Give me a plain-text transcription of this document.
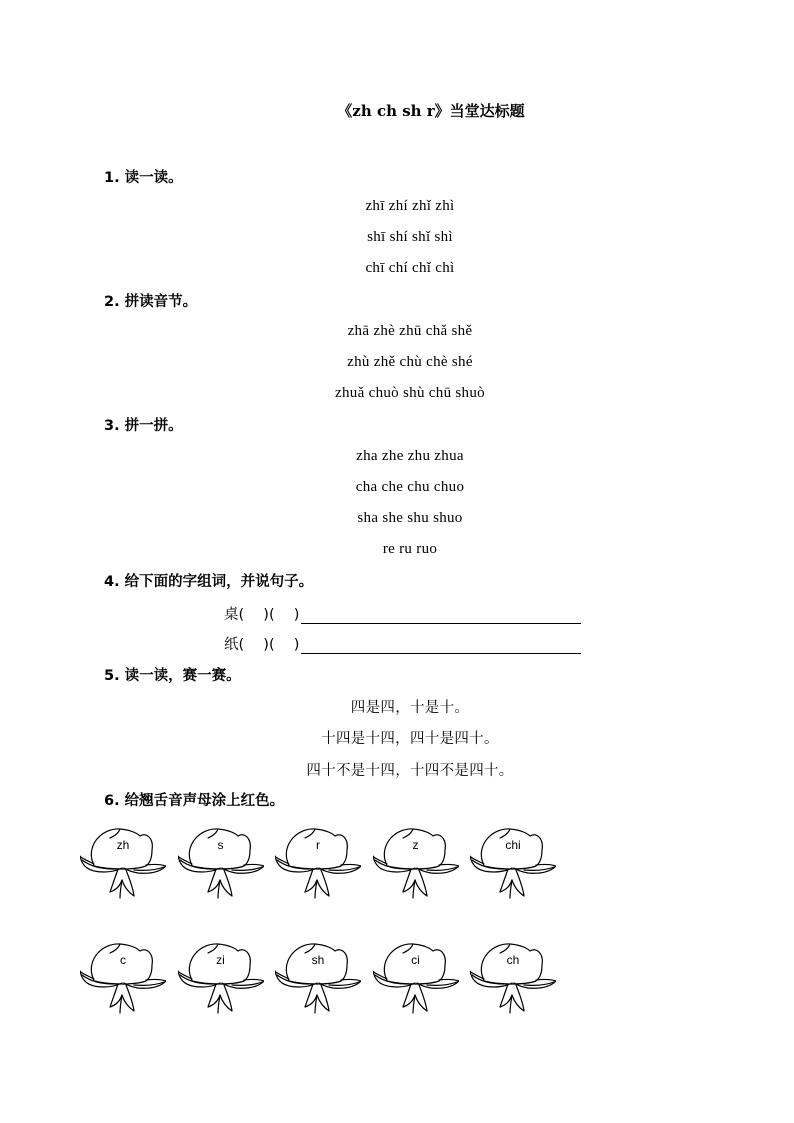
《zh ch sh r》当堂达标题
1. 读一读。
zhī zhí zhǐ zhì
shī shí shǐ shì
chī chí chǐ chì
2. 拼读音节。
zhā zhè zhū chǎ shě
zhù zhě chù chè shé
zhuǎ chuò shù chū shuò
3. 拼一拼。
zha zhe zhu zhua
cha che chu chuo
sha she shu shuo
re ru ruo
4. 给下面的字组词，并说句子。
桌 (　 ) (　 )
纸 (　 ) (　 )
5. 读一读，赛一赛。
四是四，十是十。
十四是十四，四十是四十。
四十不是十四，十四不是四十。
6. 给翘舌音声母涂上红色。
zh	s	r	z	chi
c	zi	sh	ci	ch
